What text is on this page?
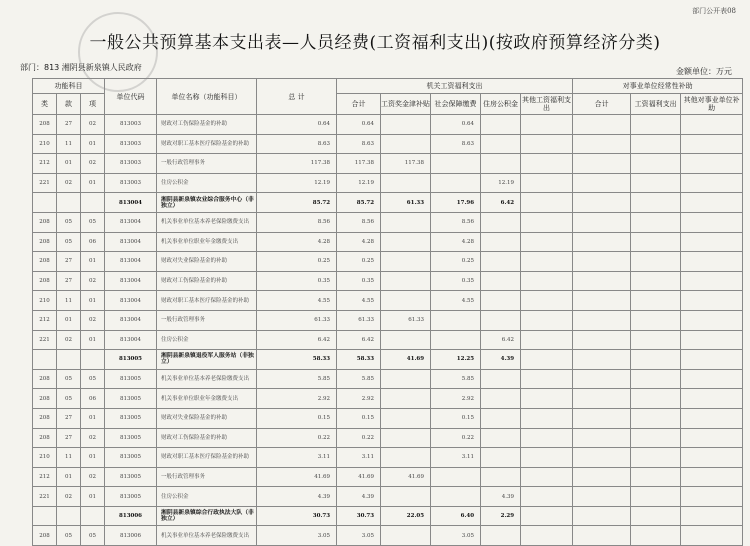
部门公开表08
一般公共预算基本支出表—人员经费(工资福利支出)(按政府预算经济分类)
部门：813 湘阴县新泉镇人民政府	金额单位：万元
功能科目			单位代码	单位名称（功能科目）	总 计	机关工资福利支出					对事业单位经常性补助		
类	款	项				合计	工资奖金津补贴	社会保障缴费	住房公积金	其他工资福利支出	合计	工资福利支出	其他对事业单位补助
208	27	02	813003	财政对工伤保险基金的补助	0.64	0.64		0.64					
210	11	01	813003	财政对职工基本医疗保险基金的补助	8.63	8.63		8.63					
212	01	02	813003	一般行政管理事务	117.38	117.38	117.38						
221	02	01	813003	住房公积金	12.19	12.19			12.19				
			813004	湘阴县新泉镇农业综合服务中心（非独立）	85.72	85.72	61.33	17.96	6.42				
208	05	05	813004	机关事业单位基本养老保险缴费支出	8.56	8.56		8.56					
208	05	06	813004	机关事业单位职业年金缴费支出	4.28	4.28		4.28					
208	27	01	813004	财政对失业保险基金的补助	0.25	0.25		0.25					
208	27	02	813004	财政对工伤保险基金的补助	0.35	0.35		0.35					
210	11	01	813004	财政对职工基本医疗保险基金的补助	4.55	4.55		4.55					
212	01	02	813004	一般行政管理事务	61.33	61.33	61.33						
221	02	01	813004	住房公积金	6.42	6.42			6.42				
			813005	湘阴县新泉镇退役军人服务站（非独立）	58.33	58.33	41.69	12.25	4.39				
208	05	05	813005	机关事业单位基本养老保险缴费支出	5.85	5.85		5.85					
208	05	06	813005	机关事业单位职业年金缴费支出	2.92	2.92		2.92					
208	27	01	813005	财政对失业保险基金的补助	0.15	0.15		0.15					
208	27	02	813005	财政对工伤保险基金的补助	0.22	0.22		0.22					
210	11	01	813005	财政对职工基本医疗保险基金的补助	3.11	3.11		3.11					
212	01	02	813005	一般行政管理事务	41.69	41.69	41.69						
221	02	01	813005	住房公积金	4.39	4.39			4.39				
			813006	湘阴县新泉镇综合行政执法大队（非独立）	30.73	30.73	22.05	6.40	2.29				
208	05	05	813006	机关事业单位基本养老保险缴费支出	3.05	3.05		3.05					
